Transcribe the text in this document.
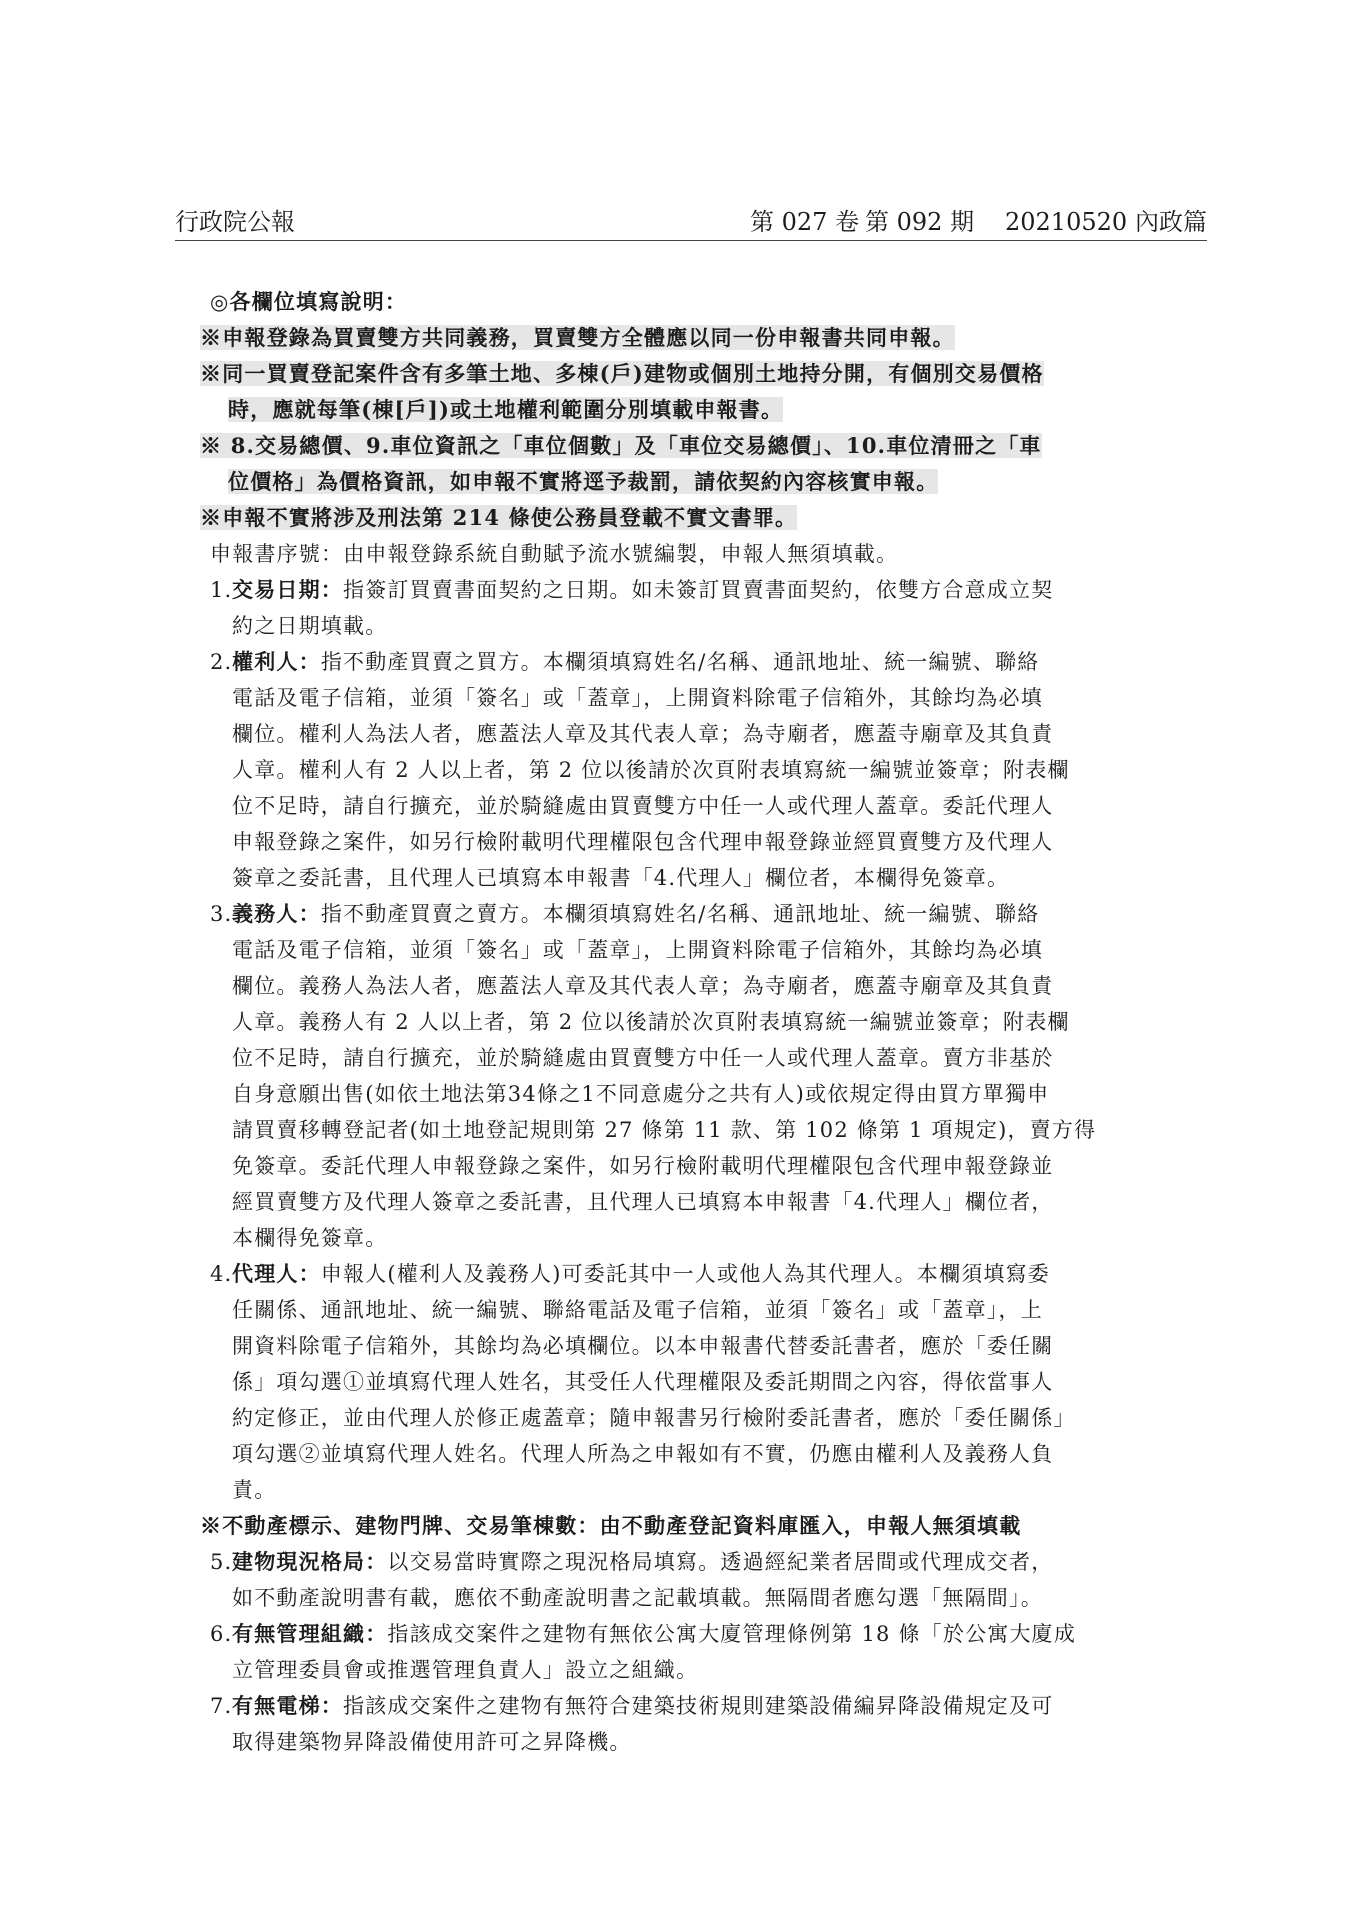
行政院公報	第 027 卷 第 092 期 20210520 內政篇
◎各欄位填寫說明：
※申報登錄為買賣雙方共同義務，買賣雙方全體應以同一份申報書共同申報。
※同一買賣登記案件含有多筆土地、多棟(戶)建物或個別土地持分開，有個別交易價格
時，應就每筆(棟[戶])或土地權利範圍分別填載申報書。
※ 8.交易總價、9.車位資訊之「車位個數」及「車位交易總價」、10.車位清冊之「車
位價格」為價格資訊，如申報不實將逕予裁罰，請依契約內容核實申報。
※申報不實將涉及刑法第 214 條使公務員登載不實文書罪。
申報書序號：由申報登錄系統自動賦予流水號編製，申報人無須填載。
1. 交易日期：指簽訂買賣書面契約之日期。如未簽訂買賣書面契約，依雙方合意成立契
約之日期填載。
2. 權利人：指不動產買賣之買方。本欄須填寫姓名/名稱、通訊地址、統一編號、聯絡
電話及電子信箱，並須「簽名」或「蓋章」，上開資料除電子信箱外，其餘均為必填
欄位。權利人為法人者，應蓋法人章及其代表人章；為寺廟者，應蓋寺廟章及其負責
人章。權利人有 2 人以上者，第 2 位以後請於次頁附表填寫統一編號並簽章；附表欄
位不足時，請自行擴充，並於騎縫處由買賣雙方中任一人或代理人蓋章。委託代理人
申報登錄之案件，如另行檢附載明代理權限包含代理申報登錄並經買賣雙方及代理人
簽章之委託書，且代理人已填寫本申報書「4.代理人」欄位者，本欄得免簽章。
3. 義務人：指不動產買賣之賣方。本欄須填寫姓名/名稱、通訊地址、統一編號、聯絡
電話及電子信箱，並須「簽名」或「蓋章」，上開資料除電子信箱外，其餘均為必填
欄位。義務人為法人者，應蓋法人章及其代表人章；為寺廟者，應蓋寺廟章及其負責
人章。義務人有 2 人以上者，第 2 位以後請於次頁附表填寫統一編號並簽章；附表欄
位不足時，請自行擴充，並於騎縫處由買賣雙方中任一人或代理人蓋章。賣方非基於
自身意願出售(如依土地法第34條之1不同意處分之共有人)或依規定得由買方單獨申
請買賣移轉登記者(如土地登記規則第 27 條第 11 款、第 102 條第 1 項規定)，賣方得
免簽章。委託代理人申報登錄之案件，如另行檢附載明代理權限包含代理申報登錄並
經買賣雙方及代理人簽章之委託書，且代理人已填寫本申報書「4.代理人」欄位者，
本欄得免簽章。
4. 代理人：申報人(權利人及義務人)可委託其中一人或他人為其代理人。本欄須填寫委
任關係、通訊地址、統一編號、聯絡電話及電子信箱，並須「簽名」或「蓋章」，上
開資料除電子信箱外，其餘均為必填欄位。以本申報書代替委託書者，應於「委任關
係」項勾選①並填寫代理人姓名，其受任人代理權限及委託期間之內容，得依當事人
約定修正，並由代理人於修正處蓋章；隨申報書另行檢附委託書者，應於「委任關係」
項勾選②並填寫代理人姓名。代理人所為之申報如有不實，仍應由權利人及義務人負
責。
※不動產標示、建物門牌、交易筆棟數：由不動產登記資料庫匯入，申報人無須填載
5. 建物現況格局：以交易當時實際之現況格局填寫。透過經紀業者居間或代理成交者，
如不動產說明書有載，應依不動產說明書之記載填載。無隔間者應勾選「無隔間」。
6. 有無管理組織：指該成交案件之建物有無依公寓大廈管理條例第 18 條「於公寓大廈成
立管理委員會或推選管理負責人」設立之組織。
7. 有無電梯：指該成交案件之建物有無符合建築技術規則建築設備編昇降設備規定及可
取得建築物昇降設備使用許可之昇降機。
